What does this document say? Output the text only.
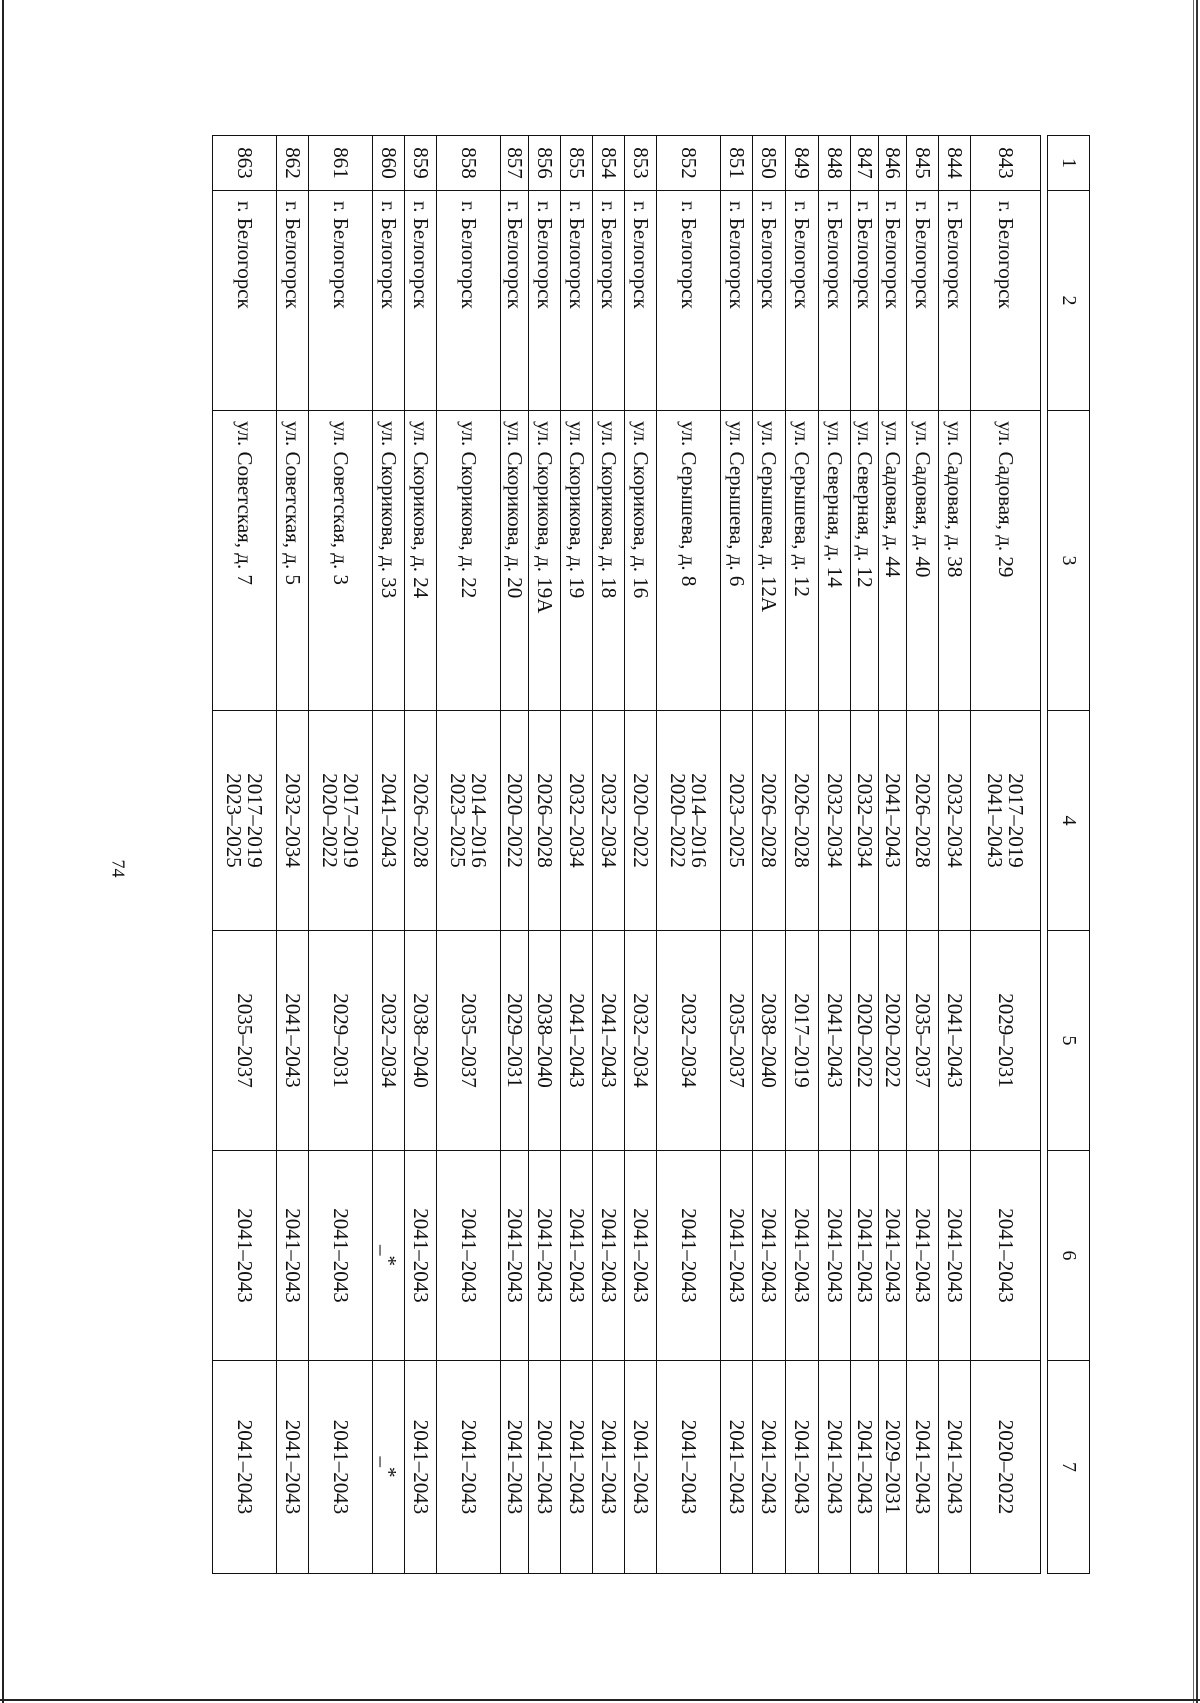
74
1	2	3	4	5	6	7

843	г. Белогорск	ул. Садовая, д. 29	2017–2019
2041–2043	2029–2031	2041–2043	2020–2022
844	г. Белогорск	ул. Садовая, д. 38	2032–2034	2041–2043	2041–2043	2041–2043
845	г. Белогорск	ул. Садовая, д. 40	2026–2028	2035–2037	2041–2043	2041–2043
846	г. Белогорск	ул. Садовая, д. 44	2041–2043	2020–2022	2041–2043	2029–2031
847	г. Белогорск	ул. Северная, д. 12	2032–2034	2020–2022	2041–2043	2041–2043
848	г. Белогорск	ул. Северная, д. 14	2032–2034	2041–2043	2041–2043	2041–2043
849	г. Белогорск	ул. Серышева, д. 12	2026–2028	2017–2019	2041–2043	2041–2043
850	г. Белогорск	ул. Серышева, д. 12А	2026–2028	2038–2040	2041–2043	2041–2043
851	г. Белогорск	ул. Серышева, д. 6	2023–2025	2035–2037	2041–2043	2041–2043
852	г. Белогорск	ул. Серышева, д. 8	2014–2016
2020–2022	2032–2034	2041–2043	2041–2043
853	г. Белогорск	ул. Скорикова, д. 16	2020–2022	2032–2034	2041–2043	2041–2043
854	г. Белогорск	ул. Скорикова, д. 18	2032–2034	2041–2043	2041–2043	2041–2043
855	г. Белогорск	ул. Скорикова, д. 19	2032–2034	2041–2043	2041–2043	2041–2043
856	г. Белогорск	ул. Скорикова, д. 19А	2026–2028	2038–2040	2041–2043	2041–2043
857	г. Белогорск	ул. Скорикова, д. 20	2020–2022	2029–2031	2041–2043	2041–2043
858	г. Белогорск	ул. Скорикова, д. 22	2014–2016
2023–2025	2035–2037	2041–2043	2041–2043
859	г. Белогорск	ул. Скорикова, д. 24	2026–2028	2038–2040	2041–2043	2041–2043
860	г. Белогорск	ул. Скорикова, д. 33	2041–2043	2032–2034	_*	_*
861	г. Белогорск	ул. Советская, д. 3	2017–2019
2020–2022	2029–2031	2041–2043	2041–2043
862	г. Белогорск	ул. Советская, д. 5	2032–2034	2041–2043	2041–2043	2041–2043
863	г. Белогорск	ул. Советская, д. 7	2017–2019
2023–2025	2035–2037	2041–2043	2041–2043
